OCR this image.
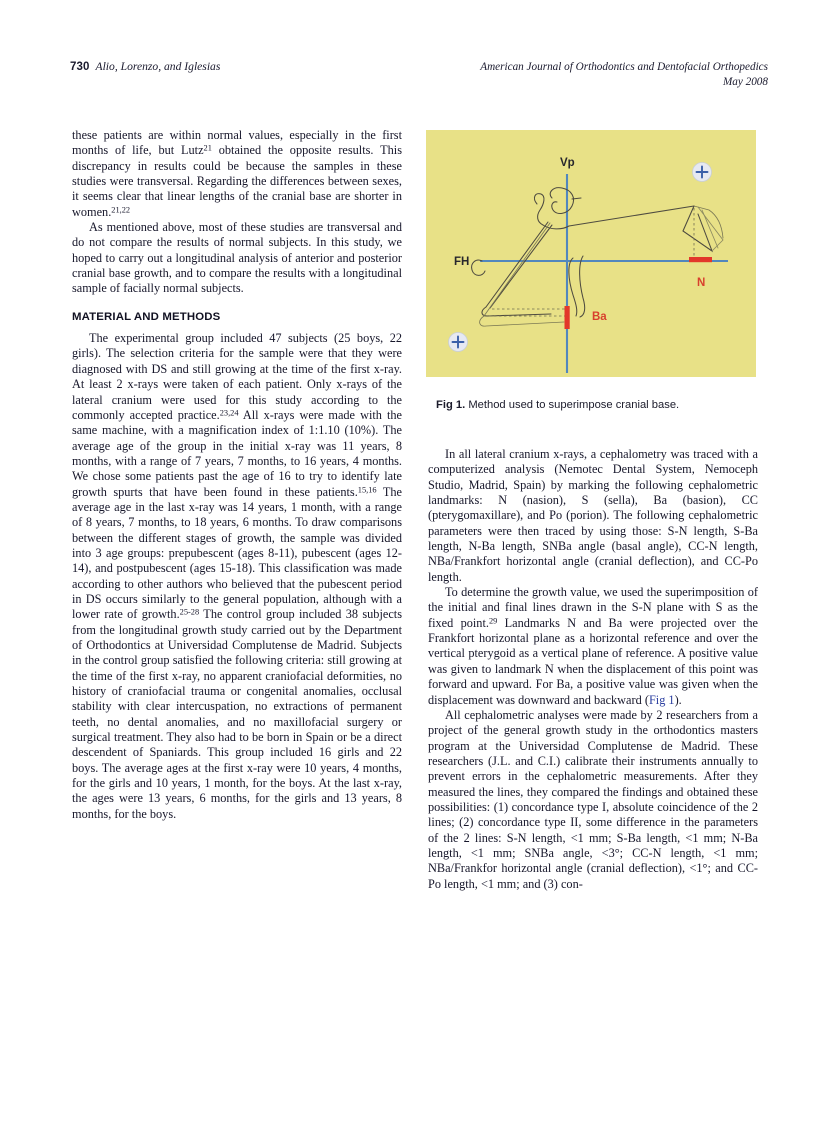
730 Alio, Lorenzo, and Iglesias	American Journal of Orthodontics and Dentofacial Orthopedics
May 2008

these patients are within normal values, especially in the first months of life, but Lutz$^{21}$ obtained the opposite results. This discrepancy in results could be because the samples in these studies were transversal. Regarding the differences between sexes, it seems clear that linear lengths of the cranial base are shorter in women.$^{21,22}$

As mentioned above, most of these studies are transversal and do not compare the results of normal subjects. In this study, we hoped to carry out a longitudinal analysis of anterior and posterior cranial base growth, and to compare the results with a longitudinal sample of facially normal subjects.

MATERIAL AND METHODS

The experimental group included 47 subjects (25 boys, 22 girls). The selection criteria for the sample were that they were diagnosed with DS and still growing at the time of the first x-ray. At least 2 x-rays were taken of each patient. Only x-rays of the lateral cranium were used for this study according to the commonly accepted practice.$^{23,24}$ All x-rays were made with the same machine, with a magnification index of 1:1.10 (10%). The average age of the group in the initial x-ray was 11 years, 8 months, with a range of 7 years, 7 months, to 16 years, 4 months. We chose some patients past the age of 16 to try to identify late growth spurts that have been found in these patients.$^{15,16}$ The average age in the last x-ray was 14 years, 1 month, with a range of 8 years, 7 months, to 18 years, 6 months. To draw comparisons between the different stages of growth, the sample was divided into 3 age groups: prepubescent (ages 8-11), pubescent (ages 12-14), and postpubescent (ages 15-18). This classification was made according to other authors who believed that the pubescent period in DS occurs similarly to the general population, although with a lower rate of growth.$^{25-28}$ The control group included 38 subjects from the longitudinal growth study carried out by the Department of Orthodontics at Universidad Complutense de Madrid. Subjects in the control group satisfied the following criteria: still growing at the time of the first x-ray, no apparent craniofacial deformities, no history of craniofacial trauma or congenital anomalies, occlusal stability with clear intercuspation, no extractions of permanent teeth, no dental anomalies, and no maxillofacial surgery or surgical treatment. They also had to be born in Spain or be a direct descendent of Spaniards. This group included 16 girls and 22 boys. The average ages at the first x-ray were 10 years, 4 months, for the girls and 10 years, 1 month, for the boys. At the last x-ray, the ages were 13 years, 6 months, for the girls and 13 years, 8 months, for the boys.

Vp
FH
N
Ba
Fig 1. Method used to superimpose cranial base.

In all lateral cranium x-rays, a cephalometry was traced with a computerized analysis (Nemotec Dental System, Nemoceph Studio, Madrid, Spain) by marking the following cephalometric landmarks: N (nasion), S (sella), Ba (basion), CC (pterygomaxillare), and Po (porion). The following cephalometric parameters were then traced by using those: S-N length, S-Ba length, N-Ba length, SNBa angle (basal angle), CC-N length, NBa/Frankfort horizontal angle (cranial deflection), and CC-Po length.

To determine the growth value, we used the superimposition of the initial and final lines drawn in the S-N plane with S as the fixed point.$^{29}$ Landmarks N and Ba were projected over the Frankfort horizontal plane as a horizontal reference and over the vertical pterygoid as a vertical plane of reference. A positive value was given to landmark N when the displacement of this point was forward and upward. For Ba, a positive value was given when the displacement was downward and backward (Fig 1).

All cephalometric analyses were made by 2 researchers from a project of the general growth study in the orthodontics masters program at the Universidad Complutense de Madrid. These researchers (J.L. and C.I.) calibrate their instruments annually to prevent errors in the cephalometric measurements. After they measured the lines, they compared the findings and obtained these possibilities: (1) concordance type I, absolute coincidence of the 2 lines; (2) concordance type II, some difference in the parameters of the 2 lines: S-N length, <1 mm; S-Ba length, <1 mm; N-Ba length, <1 mm; SNBa angle, <3°; CC-N length, <1 mm; NBa/Frankfor horizontal angle (cranial deflection), <1°; and CC-Po length, <1 mm; and (3) con-
